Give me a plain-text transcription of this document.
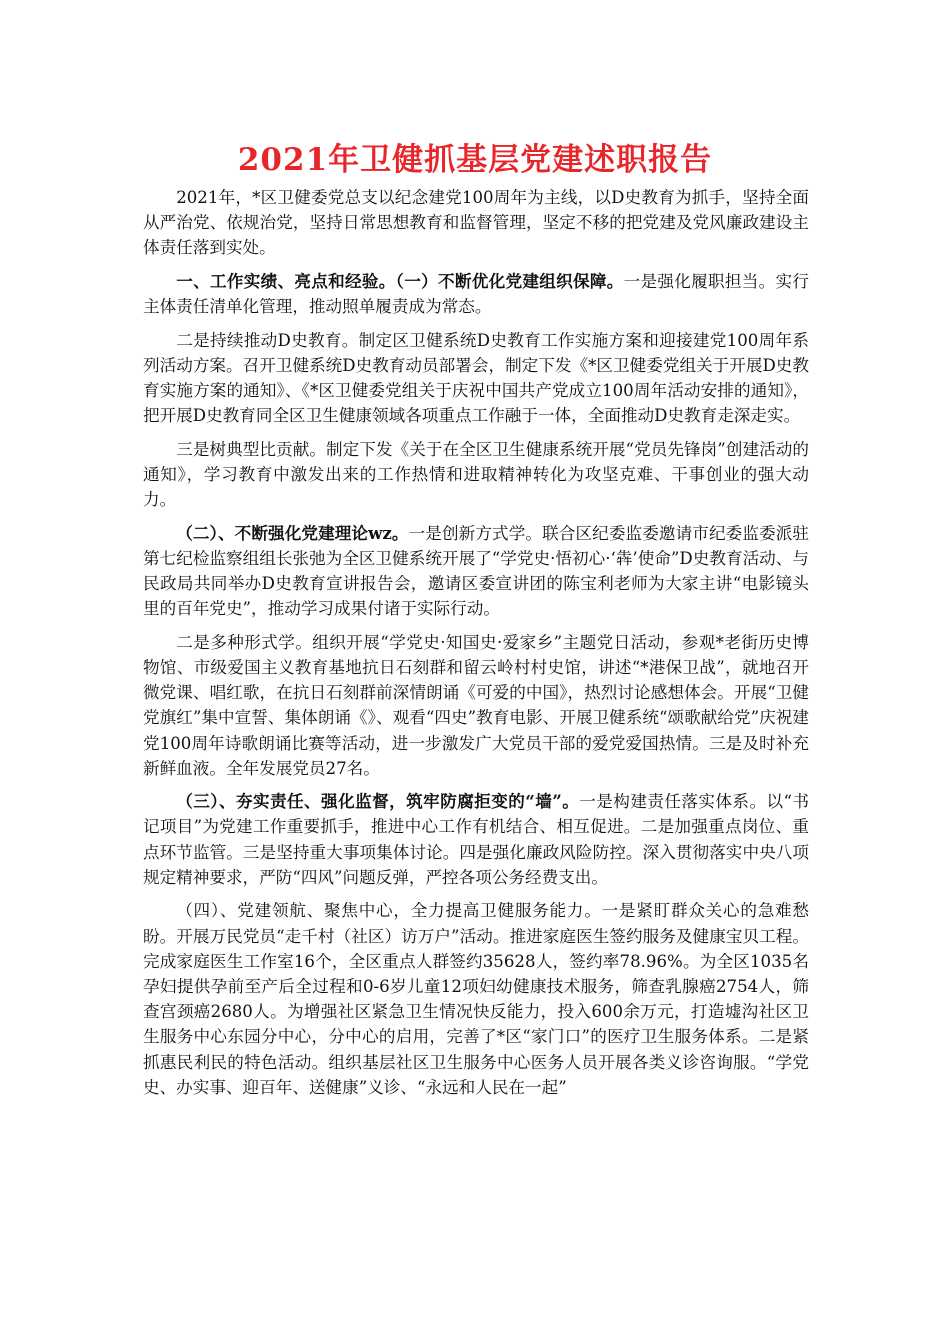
2021年卫健抓基层党建述职报告

2021年，*区卫健委党总支以纪念建党100周年为主线，以D史教育为抓手，坚持全面从严治党、依规治党，坚持日常思想教育和监督管理，坚定不移的把党建及党风廉政建设主体责任落到实处。

一、工作实绩、亮点和经验。（一）不断优化党建组织保障。一是强化履职担当。实行主体责任清单化管理，推动照单履责成为常态。

二是持续推动D史教育。制定区卫健系统D史教育工作实施方案和迎接建党100周年系列活动方案。召开卫健系统D史教育动员部署会，制定下发《*区卫健委党组关于开展D史教育实施方案的通知》、《*区卫健委党组关于庆祝中国共产党成立100周年活动安排的通知》，把开展D史教育同全区卫生健康领域各项重点工作融于一体，全面推动D史教育走深走实。

三是树典型比贡献。制定下发《关于在全区卫生健康系统开展“党员先锋岗”创建活动的通知》，学习教育中激发出来的工作热情和进取精神转化为攻坚克难、干事创业的强大动力。

（二）、不断强化党建理论wz。一是创新方式学。联合区纪委监委邀请市纪委监委派驻第七纪检监察组组长张弛为全区卫健系统开展了“学党史·悟初心·‘犇’使命”D史教育活动、与民政局共同举办D史教育宣讲报告会，邀请区委宣讲团的陈宝利老师为大家主讲“电影镜头里的百年党史”，推动学习成果付诸于实际行动。

二是多种形式学。组织开展“学党史·知国史·爱家乡”主题党日活动，参观*老街历史博物馆、市级爱国主义教育基地抗日石刻群和留云岭村村史馆，讲述“*港保卫战”，就地召开微党课、唱红歌，在抗日石刻群前深情朗诵《可爱的中国》，热烈讨论感想体会。开展“卫健党旗红”集中宣誓、集体朗诵《》、观看“四史”教育电影、开展卫健系统“颂歌献给党”庆祝建党100周年诗歌朗诵比赛等活动，进一步激发广大党员干部的爱党爱国热情。三是及时补充新鲜血液。全年发展党员27名。

（三）、夯实责任、强化监督，筑牢防腐拒变的“墙”。一是构建责任落实体系。以“书记项目”为党建工作重要抓手，推进中心工作有机结合、相互促进。二是加强重点岗位、重点环节监管。三是坚持重大事项集体讨论。四是强化廉政风险防控。深入贯彻落实中央八项规定精神要求，严防“四风”问题反弹，严控各项公务经费支出。

（四）、党建领航、聚焦中心，全力提高卫健服务能力。一是紧盯群众关心的急难愁盼。开展万民党员“走千村（社区）访万户”活动。推进家庭医生签约服务及健康宝贝工程。完成家庭医生工作室16个，全区重点人群签约35628人，签约率78.96%。为全区1035名孕妇提供孕前至产后全过程和0-6岁儿童12项妇幼健康技术服务，筛查乳腺癌2754人，筛查宫颈癌2680人。为增强社区紧急卫生情况快反能力，投入600余万元，打造墟沟社区卫生服务中心东园分中心，分中心的启用，完善了*区“家门口”的医疗卫生服务体系。二是紧抓惠民利民的特色活动。组织基层社区卫生服务中心医务人员开展各类义诊咨询服。“学党史、办实事、迎百年、送健康”义诊、“永远和人民在一起”
